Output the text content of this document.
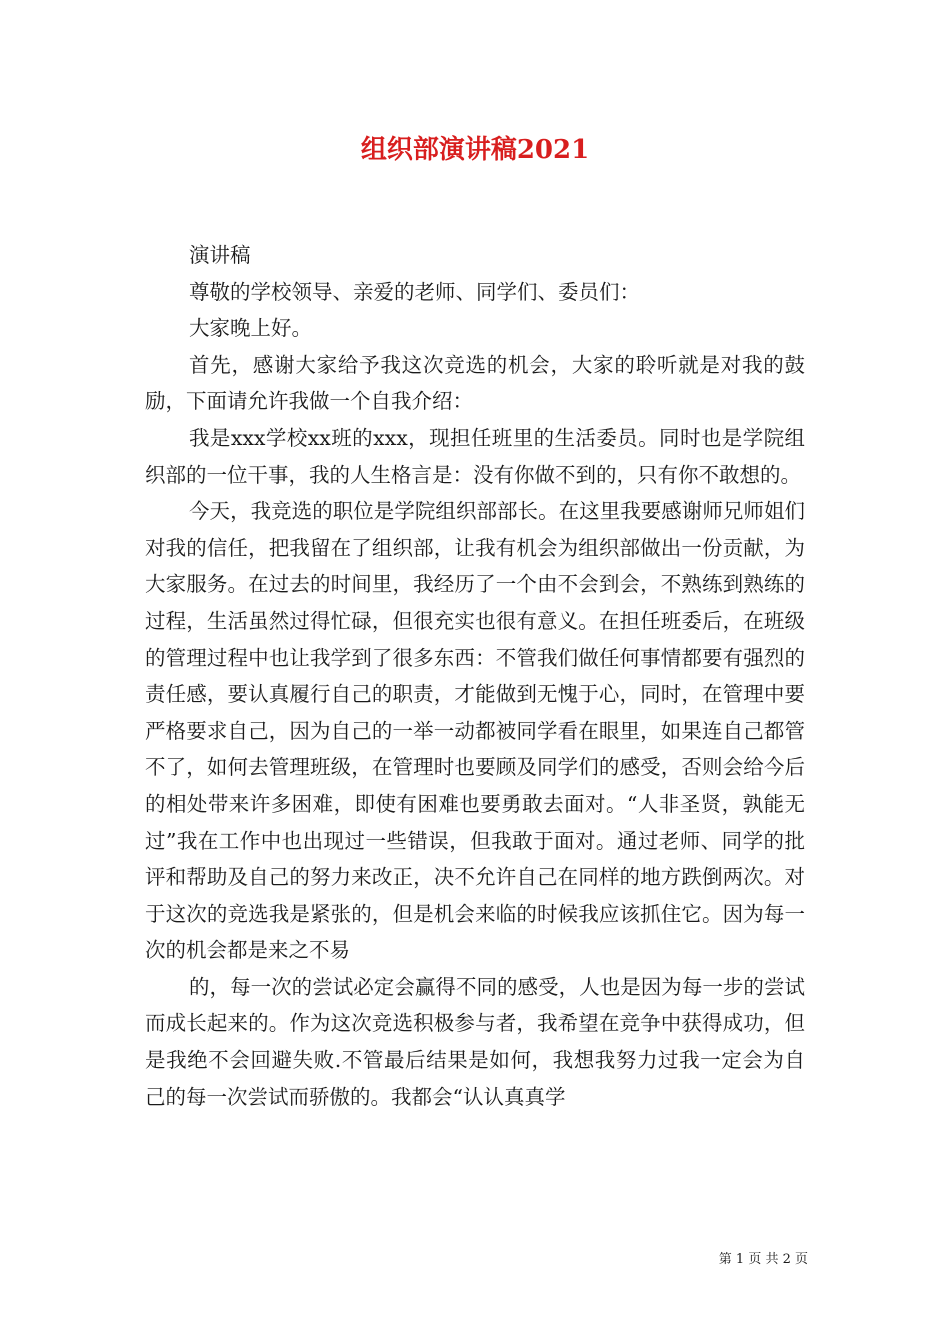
组织部演讲稿2021

演讲稿

尊敬的学校领导、亲爱的老师、同学们、委员们：

大家晚上好。

首先，感谢大家给予我这次竞选的机会，大家的聆听就是对我的鼓励，下面请允许我做一个自我介绍：

我是xxx学校xx班的xxx，现担任班里的生活委员。同时也是学院组织部的一位干事，我的人生格言是：没有你做不到的，只有你不敢想的。

今天，我竞选的职位是学院组织部部长。在这里我要感谢师兄师姐们对我的信任，把我留在了组织部，让我有机会为组织部做出一份贡献，为大家服务。在过去的时间里，我经历了一个由不会到会，不熟练到熟练的过程，生活虽然过得忙碌，但很充实也很有意义。在担任班委后，在班级的管理过程中也让我学到了很多东西：不管我们做任何事情都要有强烈的责任感，要认真履行自己的职责，才能做到无愧于心，同时，在管理中要严格要求自己，因为自己的一举一动都被同学看在眼里，如果连自己都管不了，如何去管理班级，在管理时也要顾及同学们的感受，否则会给今后的相处带来许多困难，即使有困难也要勇敢去面对。“人非圣贤，孰能无过”我在工作中也出现过一些错误，但我敢于面对。通过老师、同学的批评和帮助及自己的努力来改正，决不允许自己在同样的地方跌倒两次。对于这次的竞选我是紧张的，但是机会来临的时候我应该抓住它。因为每一次的机会都是来之不易

的，每一次的尝试必定会赢得不同的感受，人也是因为每一步的尝试而成长起来的。作为这次竞选积极参与者，我希望在竞争中获得成功，但是我绝不会回避失败.不管最后结果是如何，我想我努力过我一定会为自己的每一次尝试而骄傲的。我都会“认认真真学

第 1 页 共 2 页
